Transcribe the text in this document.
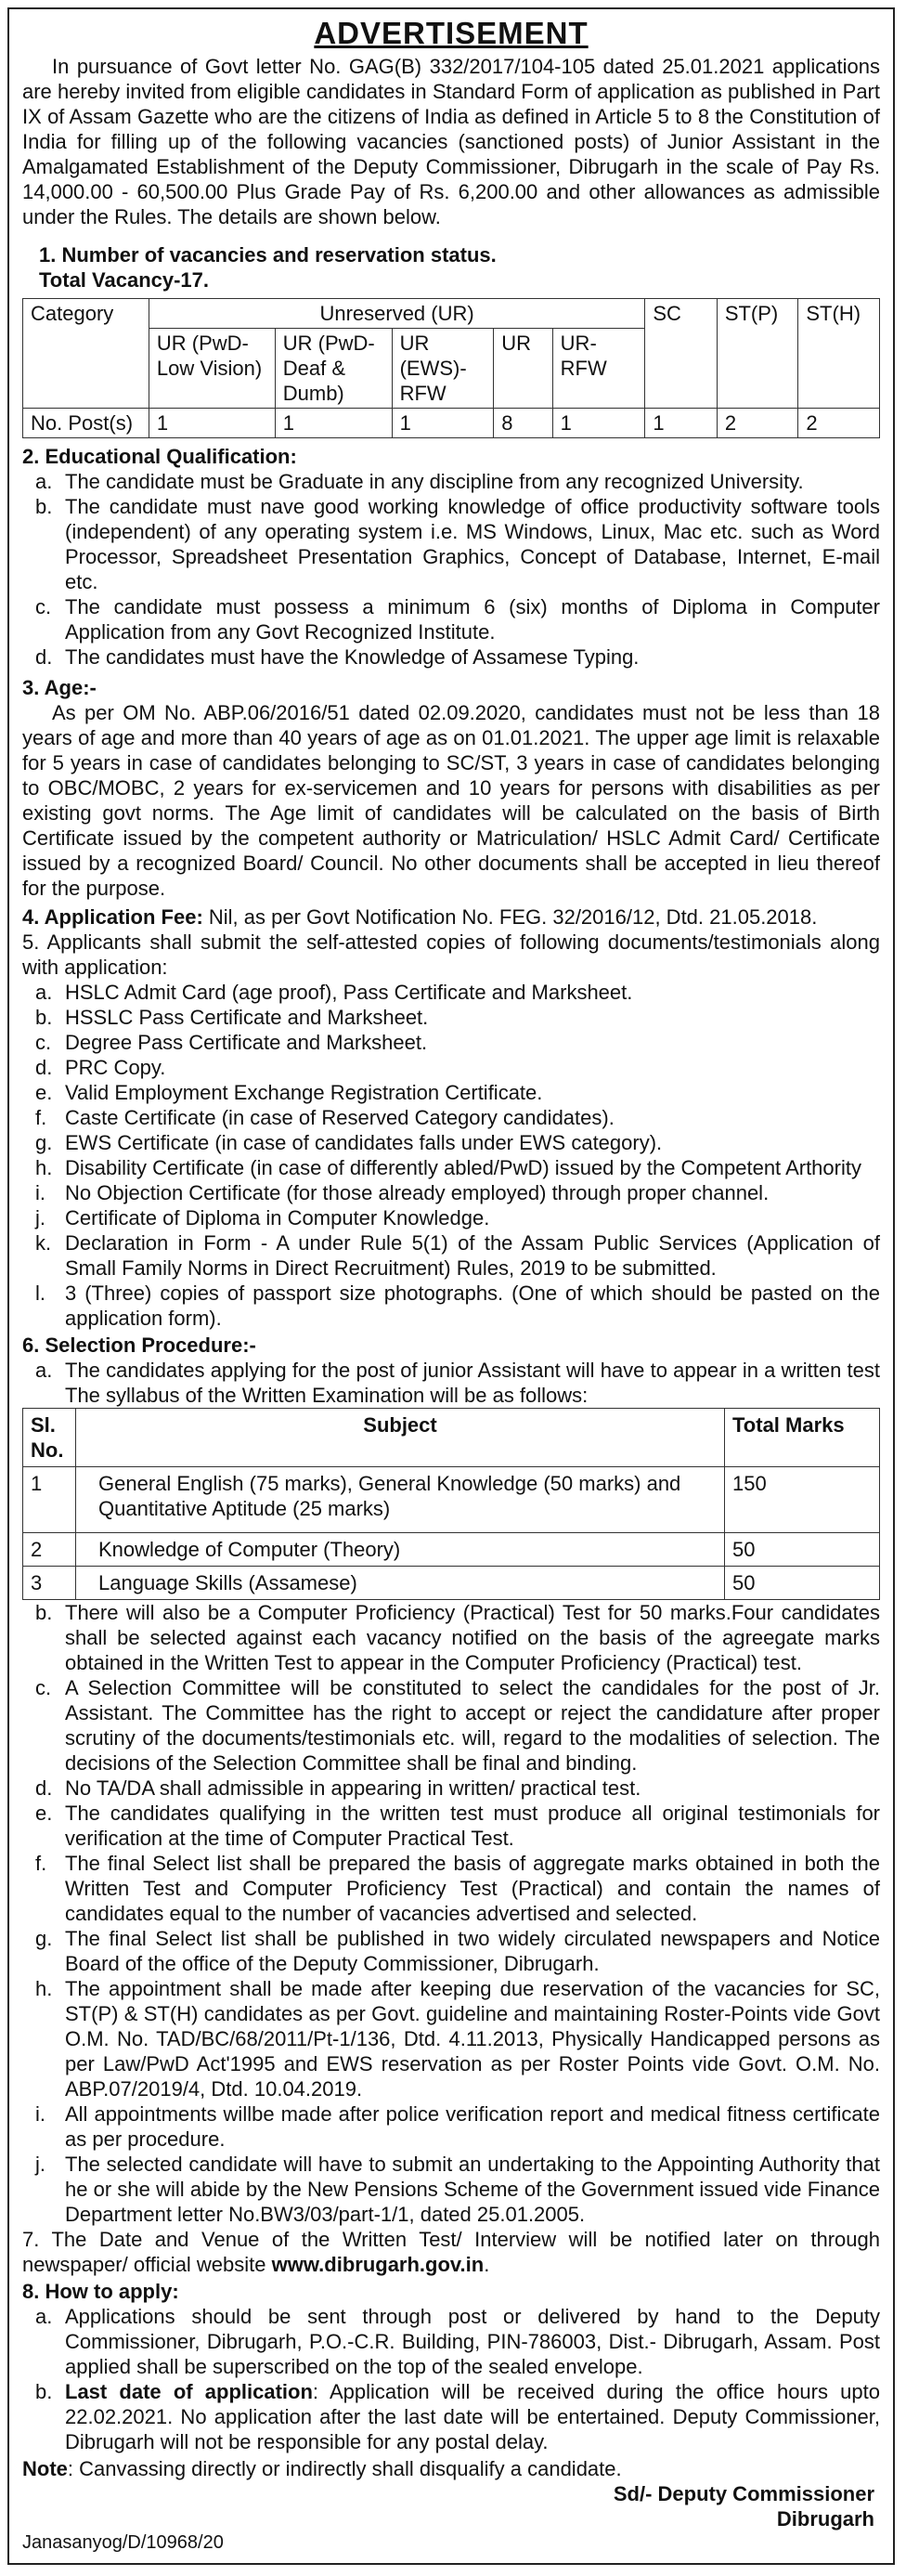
ADVERTISEMENT

In pursuance of Govt letter No. GAG(B) 332/2017/104-105 dated 25.01.2021 applications are hereby invited from eligible candidates in Standard Form of application as published in Part IX of Assam Gazette who are the citizens of India as defined in Article 5 to 8 the Constitution of India for filling up of the following vacancies (sanctioned posts) of Junior Assistant in the Amalgamated Establishment of the Deputy Commissioner, Dibrugarh in the scale of Pay Rs. 14,000.00 - 60,500.00 Plus Grade Pay of Rs. 6,200.00 and other allowances as admissible under the Rules. The details are shown below.

1. Number of vacancies and reservation status.
Total Vacancy-17.
Category	Unreserved (UR)					SC	ST(P)	ST(H)
	UR (PwD-Low Vision)	UR (PwD-Deaf & Dumb)	UR (EWS)-RFW	UR	UR-RFW			
No. Post(s)	1	1	1	8	1	1	2	2
2. Educational Qualification:
a. The candidate must be Graduate in any discipline from any recognized University.
b. The candidate must nave good working knowledge of office productivity software tools (independent) of any operating system i.e. MS Windows, Linux, Mac etc. such as Word Processor, Spreadsheet Presentation Graphics, Concept of Database, Internet, E-mail etc.
c. The candidate must possess a minimum 6 (six) months of Diploma in Computer Application from any Govt Recognized Institute.
d. The candidates must have the Knowledge of Assamese Typing.
3. Age:-

As per OM No. ABP.06/2016/51 dated 02.09.2020, candidates must not be less than 18 years of age and more than 40 years of age as on 01.01.2021. The upper age limit is relaxable for 5 years in case of candidates belonging to SC/ST, 3 years in case of candidates belonging to OBC/MOBC, 2 years for ex-servicemen and 10 years for persons with disabilities as per existing govt norms. The Age limit of candidates will be calculated on the basis of Birth Certificate issued by the competent authority or Matriculation/ HSLC Admit Card/ Certificate issued by a recognized Board/ Council. No other documents shall be accepted in lieu thereof for the purpose.

4. Application Fee: Nil, as per Govt Notification No. FEG. 32/2016/12, Dtd. 21.05.2018.

5. Applicants shall submit the self-attested copies of following documents/testimonials along with application:

a. HSLC Admit Card (age proof), Pass Certificate and Marksheet.
b. HSSLC Pass Certificate and Marksheet.
c. Degree Pass Certificate and Marksheet.
d. PRC Copy.
e. Valid Employment Exchange Registration Certificate.
f. Caste Certificate (in case of Reserved Category candidates).
g. EWS Certificate (in case of candidates falls under EWS category).
h. Disability Certificate (in case of differently abled/PwD) issued by the Competent Arthority
i. No Objection Certificate (for those already employed) through proper channel.
j. Certificate of Diploma in Computer Knowledge.
k. Declaration in Form - A under Rule 5(1) of the Assam Public Services (Application of Small Family Norms in Direct Recruitment) Rules, 2019 to be submitted.
l. 3 (Three) copies of passport size photographs. (One of which should be pasted on the application form).
6. Selection Procedure:-
a. The candidates applying for the post of junior Assistant will have to appear in a written test The syllabus of the Written Examination will be as follows:
Sl. No.	Subject	Total Marks
1	General English (75 marks), General Knowledge (50 marks) and Quantitative Aptitude (25 marks)	150
2	Knowledge of Computer (Theory)	50
3	Language Skills (Assamese)	50
b. There will also be a Computer Proficiency (Practical) Test for 50 marks.Four candidates shall be selected against each vacancy notified on the basis of the agreegate marks obtained in the Written Test to appear in the Computer Proficiency (Practical) test.
c. A Selection Committee will be constituted to select the candidales for the post of Jr. Assistant. The Committee has the right to accept or reject the candidature after proper scrutiny of the documents/testimonials etc. will, regard to the modalities of selection. The decisions of the Selection Committee shall be final and binding.
d. No TA/DA shall admissible in appearing in written/ practical test.
e. The candidates qualifying in the written test must produce all original testimonials for verification at the time of Computer Practical Test.
f. The final Select list shall be prepared the basis of aggregate marks obtained in both the Written Test and Computer Proficiency Test (Practical) and contain the names of candidates equal to the number of vacancies advertised and selected.
g. The final Select list shall be published in two widely circulated newspapers and Notice Board of the office of the Deputy Commissioner, Dibrugarh.
h. The appointment shall be made after keeping due reservation of the vacancies for SC, ST(P) & ST(H) candidates as per Govt. guideline and maintaining Roster-Points vide Govt O.M. No. TAD/BC/68/2011/Pt-1/136, Dtd. 4.11.2013, Physically Handicapped persons as per Law/PwD Act'1995 and EWS reservation as per Roster Points vide Govt. O.M. No. ABP.07/2019/4, Dtd. 10.04.2019.
i. All appointments willbe made after police verification report and medical fitness certificate as per procedure.
j. The selected candidate will have to submit an undertaking to the Appointing Authority that he or she will abide by the New Pensions Scheme of the Government issued vide Finance Department letter No.BW3/03/part-1/1, dated 25.01.2005.

7. The Date and Venue of the Written Test/ Interview will be notified later on through newspaper/ official website www.dibrugarh.gov.in.

8. How to apply:
a. Applications should be sent through post or delivered by hand to the Deputy Commissioner, Dibrugarh, P.O.-C.R. Building, PIN-786003, Dist.- Dibrugarh, Assam. Post applied shall be superscribed on the top of the sealed envelope.
b. Last date of application: Application will be received during the office hours upto 22.02.2021. No application after the last date will be entertained. Deputy Commissioner, Dibrugarh will not be responsible for any postal delay.

Note: Canvassing directly or indirectly shall disqualify a candidate.

Sd/- Deputy Commissioner
Dibrugarh
Janasanyog/D/10968/20
